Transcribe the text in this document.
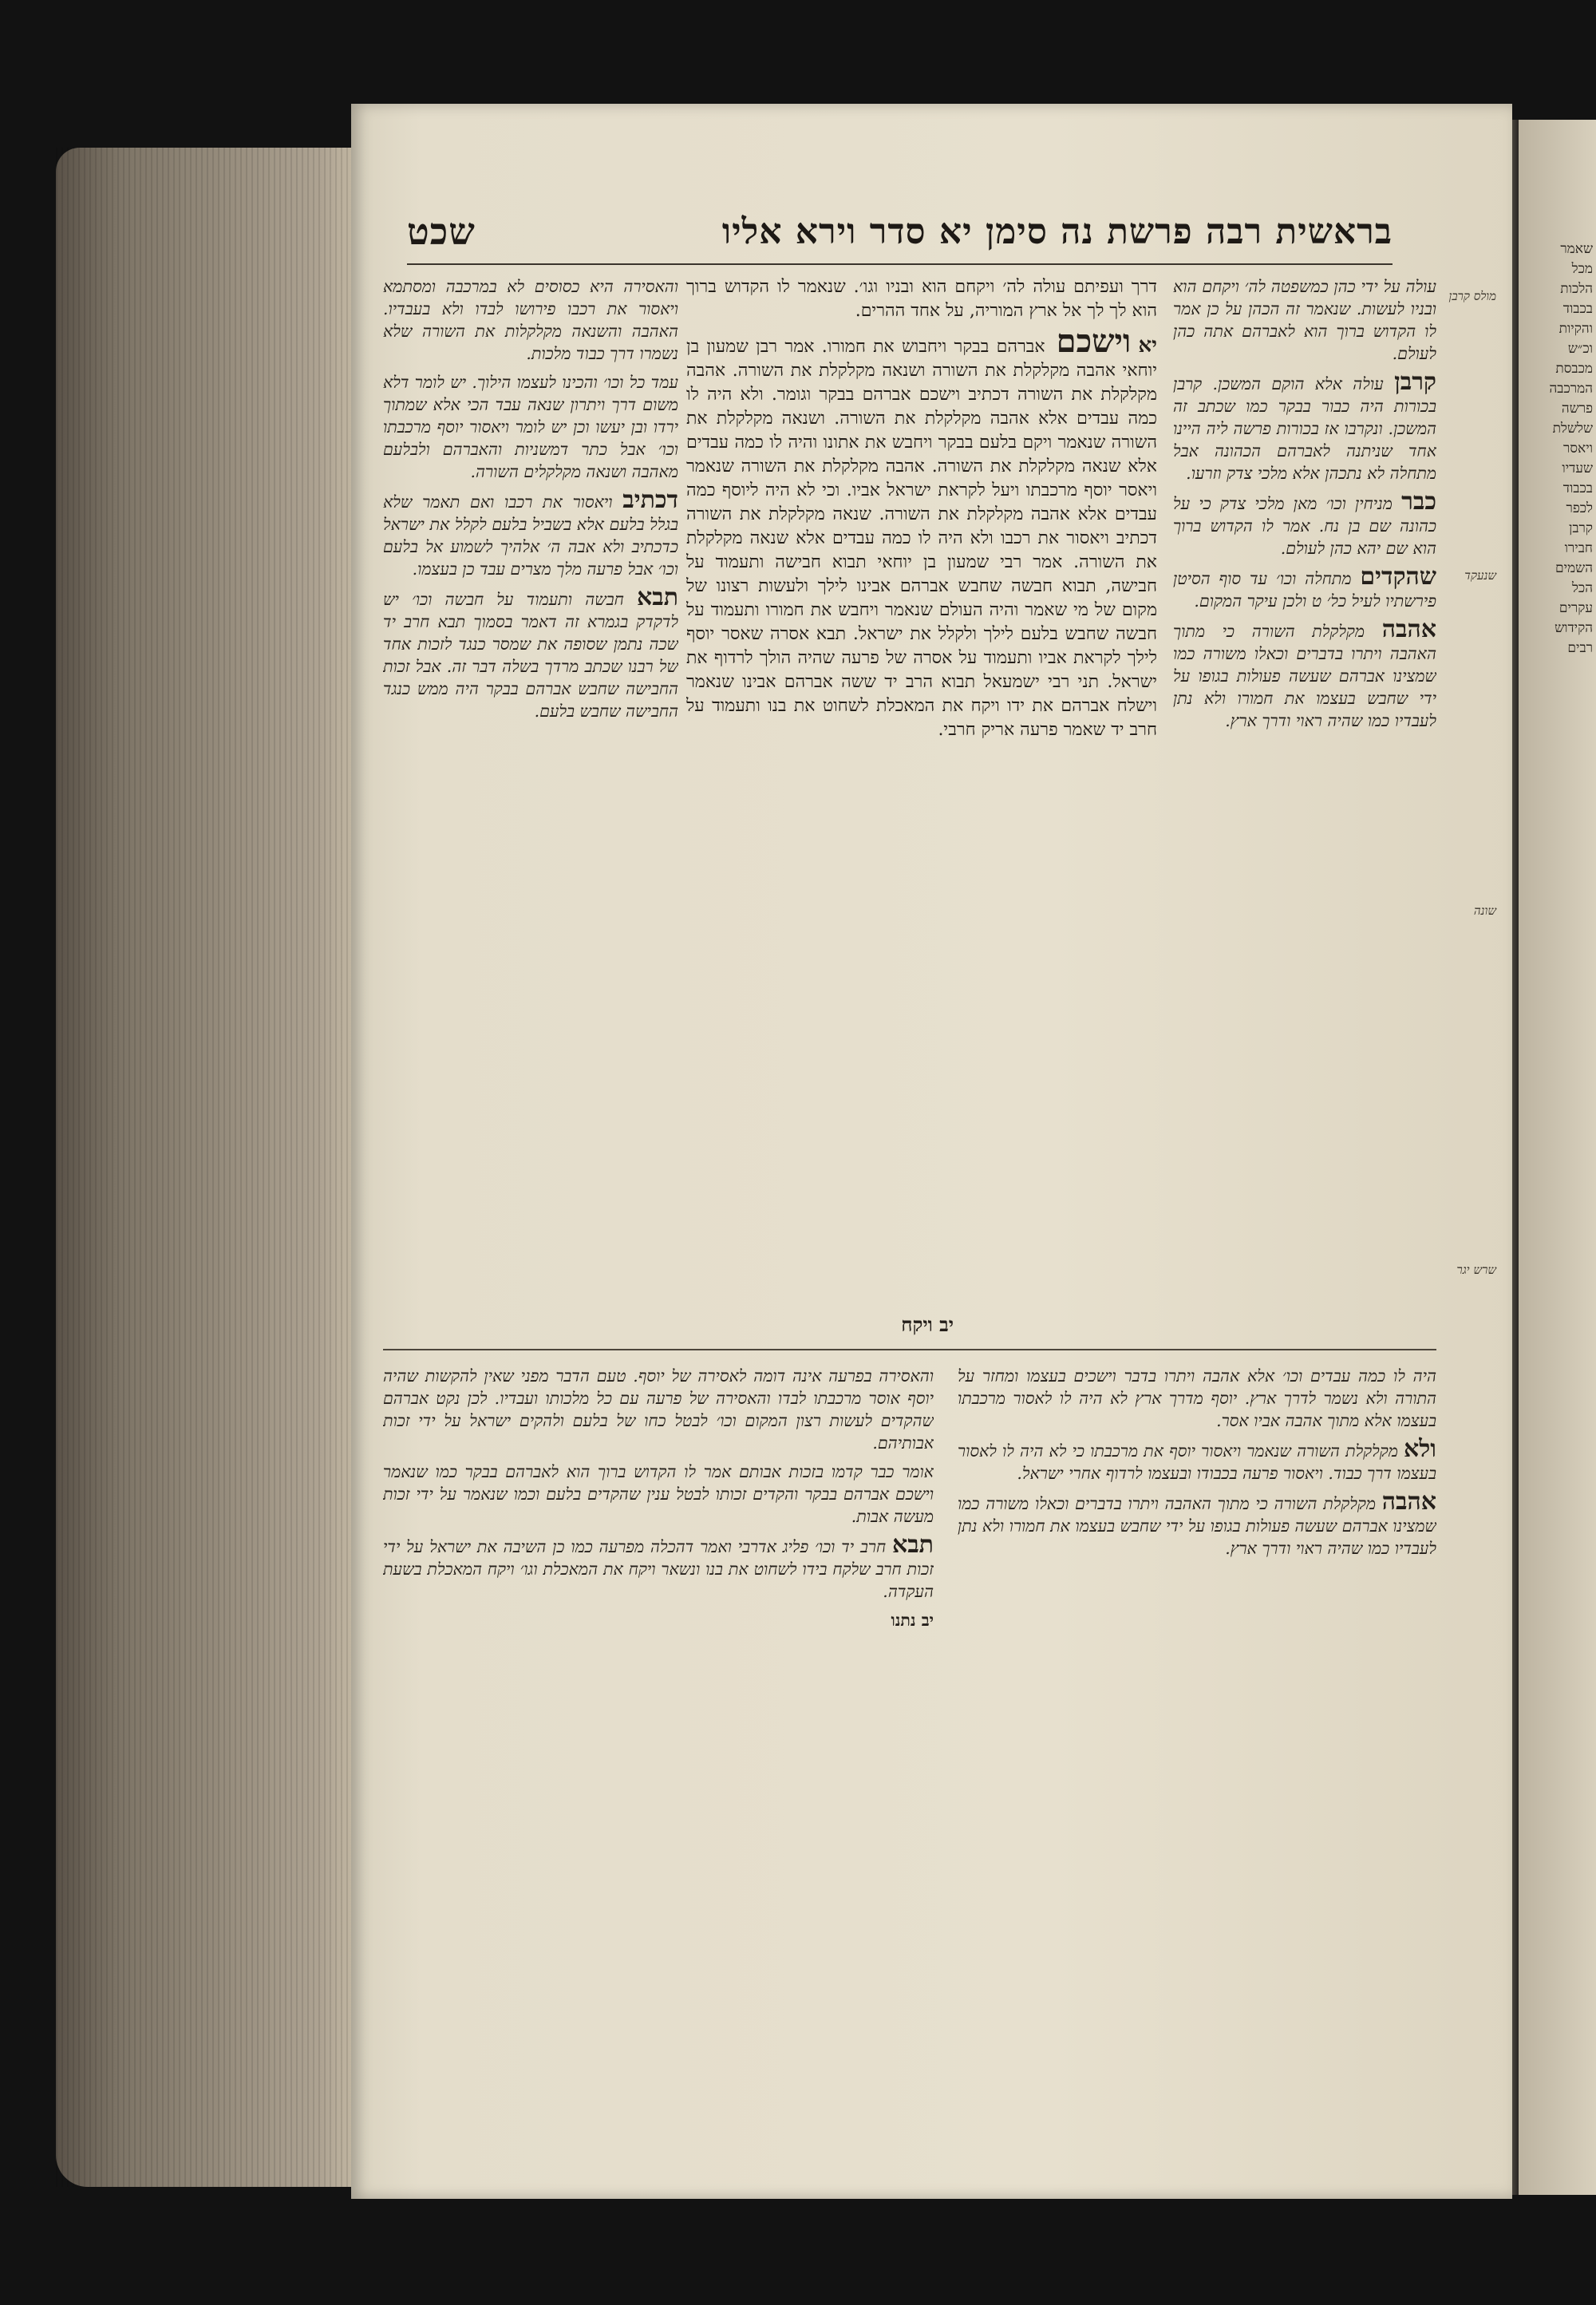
שאמר
מכל
הלכות
בכבוד
והקיות
וכ״ש
מכבסת
המרכבה
פרשה
שלשלת
ויאסר
שעדיו
בכבוד
לכפר
קרבן
חבירו
השמים
הכל
עקרים
הקידוש
רבים
בראשית רבה פרשת נה סימן יא סדר וירא אליו
שכט
מולס קרבן
שנעקד
שונה
שרש יגר

עולה על ידי כהן כמשפטה לה׳ ויקחם הוא ובניו לעשות. שנאמר זה הכהן על כן אמר לו הקדוש ברוך הוא לאברהם אתה כהן לעולם.

קרבן עולה אלא הוקם המשכן. קרבן בכורות היה כבור בבקר כמו שכתב זה המשכן. ונקרבו אז בכורות פרשה ליה היינו אחד שניתנה לאברהם הכהונה אבל מתחלה לא נתכהן אלא מלכי צדק וזרעו.

כבר מניחין וכו׳ מאן מלכי צדק כי על כהונה שם בן נח. אמר לו הקדוש ברוך הוא שם יהא כהן לעולם.

שהקדים מתחלה וכו׳ עד סוף הסיטן פירשתיו לעיל כל׳ ט ולכן עיקר המקום.

אהבה מקלקלת השורה כי מתוך האהבה ויתרו בדברים וכאלו משורה כמו שמצינו אברהם שעשה פעולות בגופו על ידי שחבש בעצמו את חמורו ולא נתן לעבדיו כמו שהיה ראוי ודרך ארץ.

דרך ועפיתם עולה לה׳ ויקחם הוא ובניו וגו׳. שנאמר לו הקדוש ברוך הוא לך לך אל ארץ המוריה, על אחד ההרים.

יא וישכםאברהם בבקר ויחבוש את חמורו. אמר רבן שמעון בן יוחאי אהבה מקלקלת את השורה ושנאה מקלקלת את השורה. אהבה מקלקלת את השורה דכתיב וישכם אברהם בבקר וגומר. ולא היה לו כמה עבדים אלא אהבה מקלקלת את השורה. ושנאה מקלקלת את השורה שנאמר ויקם בלעם בבקר ויחבש את אתונו והיה לו כמה עבדים אלא שנאה מקלקלת את השורה. אהבה מקלקלת את השורה שנאמר ויאסר יוסף מרכבתו ויעל לקראת ישראל אביו. וכי לא היה ליוסף כמה עבדים אלא אהבה מקלקלת את השורה. שנאה מקלקלת את השורה דכתיב ויאסור את רכבו ולא היה לו כמה עבדים אלא שנאה מקלקלת את השורה. אמר רבי שמעון בן יוחאי תבוא חבישה ותעמוד על חבישה, תבוא חבשה שחבש אברהם אבינו לילך ולעשות רצונו של מקום של מי שאמר והיה העולם שנאמר ויחבש את חמורו ותעמוד על חבשה שחבש בלעם לילך ולקלל את ישראל. תבא אסרה שאסר יוסף לילך לקראת אביו ותעמוד על אסרה של פרעה שהיה הולך לרדוף את ישראל. תני רבי ישמעאל תבוא הרב יד ששה אברהם אבינו שנאמר וישלח אברהם את ידו ויקח את המאכלת לשחוט את בנו ותעמוד על חרב יד שאמר פרעה אריק חרבי.

יב ויקח

והאסירה היא כסוסים לא במרכבה ומסתמא ויאסור את רכבו פירושו לבדו ולא בעבדיו. האהבה והשנאה מקלקלות את השורה שלא נשמרו דרך כבוד מלכות.

עמד כל וכו׳ והכינו לעצמו הילוך. יש לומר דלא משום דרך ויתרון שנאה עבד הכי אלא שמתוך ירדו ובן יעשו וכן יש לומר ויאסור יוסף מרכבתו וכו׳ אבל כתר דמשניות והאברהם ולבלעם מאהבה ושנאה מקלקלים השורה.

דכתיב ויאסור את רכבו ואם תאמר שלא בגלל בלעם אלא בשביל בלעם לקלל את ישראל כדכתיב ולא אבה ה׳ אלהיך לשמוע אל בלעם וכו׳ אבל פרעה מלך מצרים עבד כן בעצמו.

תבא חבשה ותעמוד על חבשה וכו׳ יש לדקדק בגמרא זה דאמר בסמוך תבא חרב יד שכה נתמן שסופה את שמסר כנגד לזכות אחד של רבנו שכתב מרדך בשלה דבר זה. אבל זכות החבישה שחבש אברהם בבקר היה ממש כנגד החבישה שחבש בלעם.

היה לו כמה עבדים וכו׳ אלא אהבה ויתרו בדבר וישכים בעצמו ומחזר על התורה ולא נשמר לדרך ארץ. יוסף מדרך ארץ לא היה לו לאסור מרכבתו בעצמו אלא מתוך אהבה אביו אסר.

ולא מקלקלת השורה שנאמר ויאסור יוסף את מרכבתו כי לא היה לו לאסור בעצמו דרך כבוד. ויאסור פרעה בכבודו ובעצמו לרדוף אחרי ישראל.

אהבה מקלקלת השורה כי מתוך האהבה ויתרו בדברים וכאלו משורה כמו שמצינו אברהם שעשה פעולות בגופו על ידי שחבש בעצמו את חמורו ולא נתן לעבדיו כמו שהיה ראוי ודרך ארץ.

והאסירה בפרעה אינה דומה לאסירה של יוסף. טעם הדבר מפני שאין להקשות שהיה יוסף אוסר מרכבתו לבדו והאסירה של פרעה עם כל מלכותו ועבדיו. לכן נקט אברהם שהקדים לעשות רצון המקום וכו׳ לבטל כחו של בלעם ולהקים ישראל על ידי זכות אבותיהם.

אומר כבר קדמו בזכות אבותם אמר לו הקדוש ברוך הוא לאברהם בבקר כמו שנאמר וישכם אברהם בבקר והקדים זכותו לבטל ענין שהקדים בלעם וכמו שנאמר על ידי זכות מעשה אבות.

תבא חרב יד וכו׳ פליג אדרבי ואמר דהכלה מפרעה כמו כן השיבה את ישראל על ידי זכות חרב שלקח בידו לשחוט את בנו ונשאר ויקח את המאכלת וגו׳ ויקח המאכלת בשעת העקדה.

יב נתנו
